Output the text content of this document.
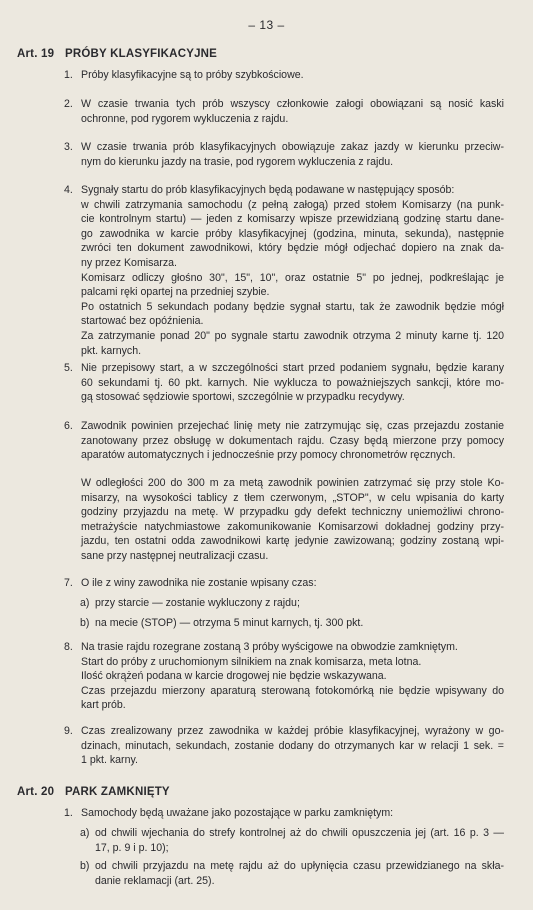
– 13 –
Art. 19 PRÓBY KLASYFIKACYJNE
1. Próby klasyfikacyjne są to próby szybkościowe.
2. W czasie trwania tych prób wszyscy członkowie załogi obowiązani są nosić kaski
ochronne, pod rygorem wykluczenia z rajdu.
3. W czasie trwania prób klasyfikacyjnych obowiązuje zakaz jazdy w kierunku przeciw-
nym do kierunku jazdy na trasie, pod rygorem wykluczenia z rajdu.
4. Sygnały startu do prób klasyfikacyjnych będą podawane w następujący sposób:
w chwili zatrzymania samochodu (z pełną załogą) przed stołem Komisarzy (na punk-
cie kontrolnym startu) — jeden z komisarzy wpisze przewidzianą godzinę startu dane-
go zawodnika w karcie próby klasyfikacyjnej (godzina, minuta, sekunda), następnie
zwróci ten dokument zawodnikowi, który będzie mógł odjechać dopiero na znak da-
ny przez Komisarza.
Komisarz odliczy głośno 30", 15", 10", oraz ostatnie 5" po jednej, podkreślając je
palcami ręki opartej na przedniej szybie.
Po ostatnich 5 sekundach podany będzie sygnał startu, tak że zawodnik będzie mógł
startować bez opóźnienia.
Za zatrzymanie ponad 20" po sygnale startu zawodnik otrzyma 2 minuty karne tj. 120
pkt. karnych.
5. Nie przepisowy start, a w szczególności start przed podaniem sygnału, będzie karany
60 sekundami tj. 60 pkt. karnych. Nie wyklucza to poważniejszych sankcji, które mo-
gą stosować sędziowie sportowi, szczególnie w przypadku recydywy.
6. Zawodnik powinien przejechać linię mety nie zatrzymując się, czas przejazdu zostanie
zanotowany przez obsługę w dokumentach rajdu. Czasy będą mierzone przy pomocy
aparatów automatycznych i jednocześnie przy pomocy chronometrów ręcznych.
W odległości 200 do 300 m za metą zawodnik powinien zatrzymać się przy stole Ko-
misarzy, na wysokości tablicy z tłem czerwonym, „STOP", w celu wpisania do karty
godziny przyjazdu na metę. W przypadku gdy defekt techniczny uniemożliwi chrono-
metrażyście natychmiastowe zakomunikowanie Komisarzowi dokładnej godziny przy-
jazdu, ten ostatni odda zawodnikowi kartę jedynie zawizowaną; godziny zostaną wpi-
sane przy następnej neutralizacji czasu.
7. O ile z winy zawodnika nie zostanie wpisany czas:
a) przy starcie — zostanie wykluczony z rajdu;
b) na mecie (STOP) — otrzyma 5 minut karnych, tj. 300 pkt.
8. Na trasie rajdu rozegrane zostaną 3 próby wyścigowe na obwodzie zamkniętym.
Start do próby z uruchomionym silnikiem na znak komisarza, meta lotna.
Ilość okrążeń podana w karcie drogowej nie będzie wskazywana.
Czas przejazdu mierzony aparaturą sterowaną fotokomórką nie będzie wpisywany do
kart prób.
9. Czas zrealizowany przez zawodnika w każdej próbie klasyfikacyjnej, wyrażony w go-
dzinach, minutach, sekundach, zostanie dodany do otrzymanych kar w relacji 1 sek. =
1 pkt. karny.
Art. 20 PARK ZAMKNIĘTY
1. Samochody będą uważane jako pozostające w parku zamkniętym:
a) od chwili wjechania do strefy kontrolnej aż do chwili opuszczenia jej (art. 16 p. 3 —
17, p. 9 i p. 10);
b) od chwili przyjazdu na metę rajdu aż do upłynięcia czasu przewidzianego na skła-
danie reklamacji (art. 25).
